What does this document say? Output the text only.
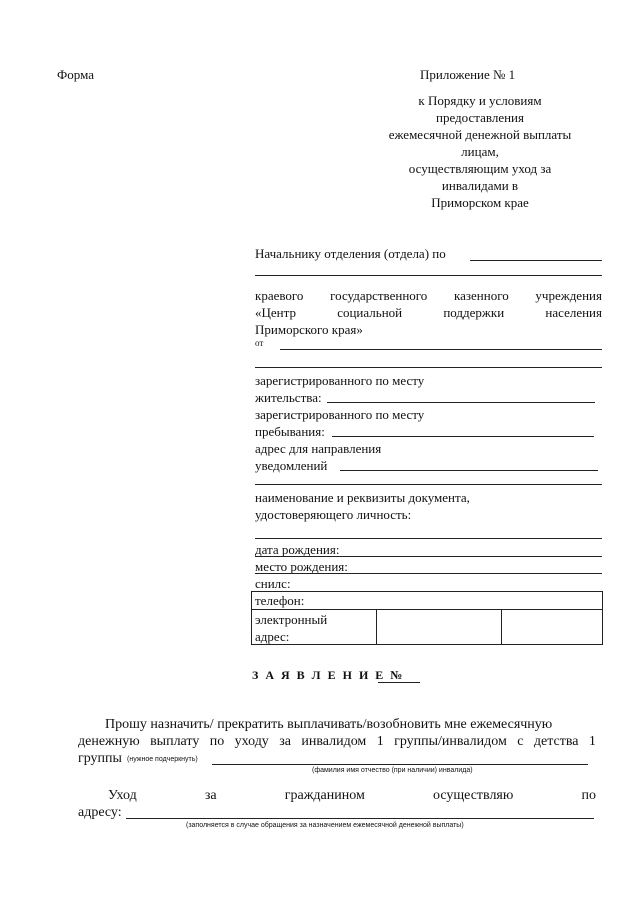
Форма	Приложение № 1
к Порядку и условиям
предоставления
ежемесячной денежной выплаты
лицам,
осуществляющим уход за
инвалидами в
Приморском крае
Начальнику отделения (отдела) по
краевого государственного казенного учреждения
«Центр	социальной	поддержки	населения
Приморского края»
от
зарегистрированного по месту
жительства:
зарегистрированного по месту
пребывания:
адрес для направления
уведомлений
наименование и реквизиты документа,
удостоверяющего личность:
дата рождения:
место рождения:
снилс:
телефон:
электронный
адрес:
З А Я В Л Е Н И Е №
Прошу назначить/ прекратить выплачивать/возобновить мне ежемесячную
денежную выплату по уходу за инвалидом 1 группы/инвалидом с детства 1
группы (нужное подчеркнуть)
(фамилия имя отчество (при наличии) инвалида)
Уход	за	гражданином	осуществляю	по
адресу:
(заполняется в случае обращения за назначением ежемесячной денежной выплаты)
